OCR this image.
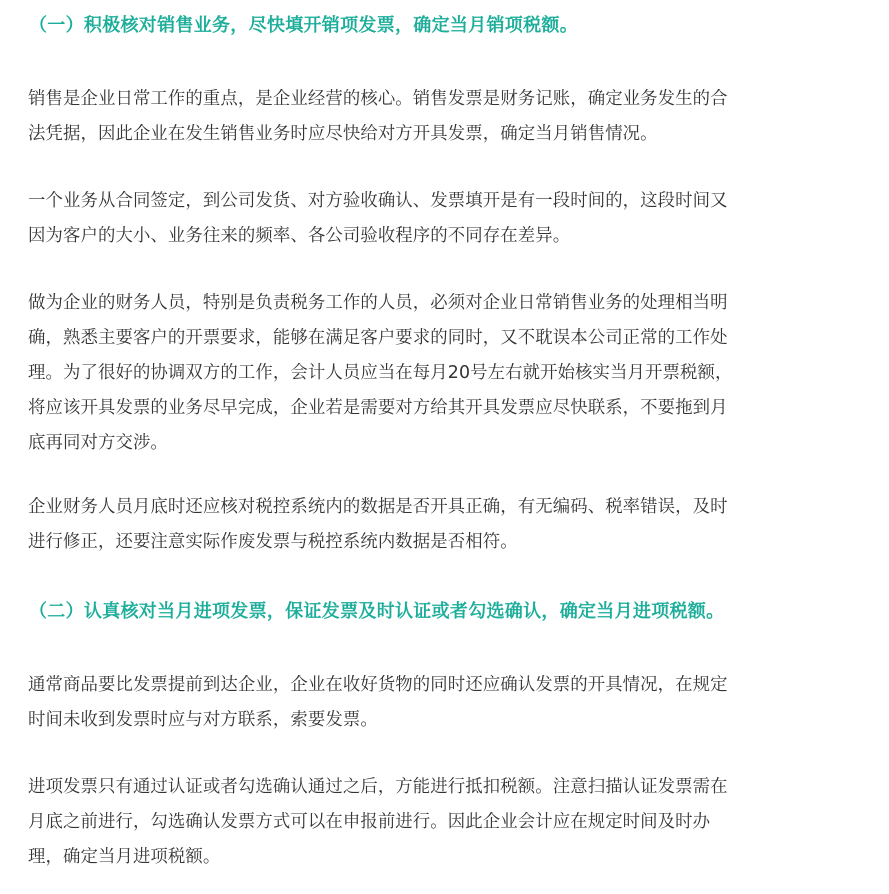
（一）积极核对销售业务，尽快填开销项发票，确定当月销项税额。
销售是企业日常工作的重点，是企业经营的核心。销售发票是财务记账，确定业务发生的合
法凭据，因此企业在发生销售业务时应尽快给对方开具发票，确定当月销售情况。
一个业务从合同签定，到公司发货、对方验收确认、发票填开是有一段时间的，这段时间又
因为客户的大小、业务往来的频率、各公司验收程序的不同存在差异。
做为企业的财务人员，特别是负责税务工作的人员，必须对企业日常销售业务的处理相当明
确，熟悉主要客户的开票要求，能够在满足客户要求的同时，又不耽误本公司正常的工作处
理。为了很好的协调双方的工作，会计人员应当在每月20号左右就开始核实当月开票税额，
将应该开具发票的业务尽早完成，企业若是需要对方给其开具发票应尽快联系，不要拖到月
底再同对方交涉。
企业财务人员月底时还应核对税控系统内的数据是否开具正确，有无编码、税率错误，及时
进行修正，还要注意实际作废发票与税控系统内数据是否相符。
（二）认真核对当月进项发票，保证发票及时认证或者勾选确认，确定当月进项税额。
通常商品要比发票提前到达企业，企业在收好货物的同时还应确认发票的开具情况，在规定
时间未收到发票时应与对方联系，索要发票。
进项发票只有通过认证或者勾选确认通过之后，方能进行抵扣税额。注意扫描认证发票需在
月底之前进行，勾选确认发票方式可以在申报前进行。因此企业会计应在规定时间及时办
理，确定当月进项税额。
